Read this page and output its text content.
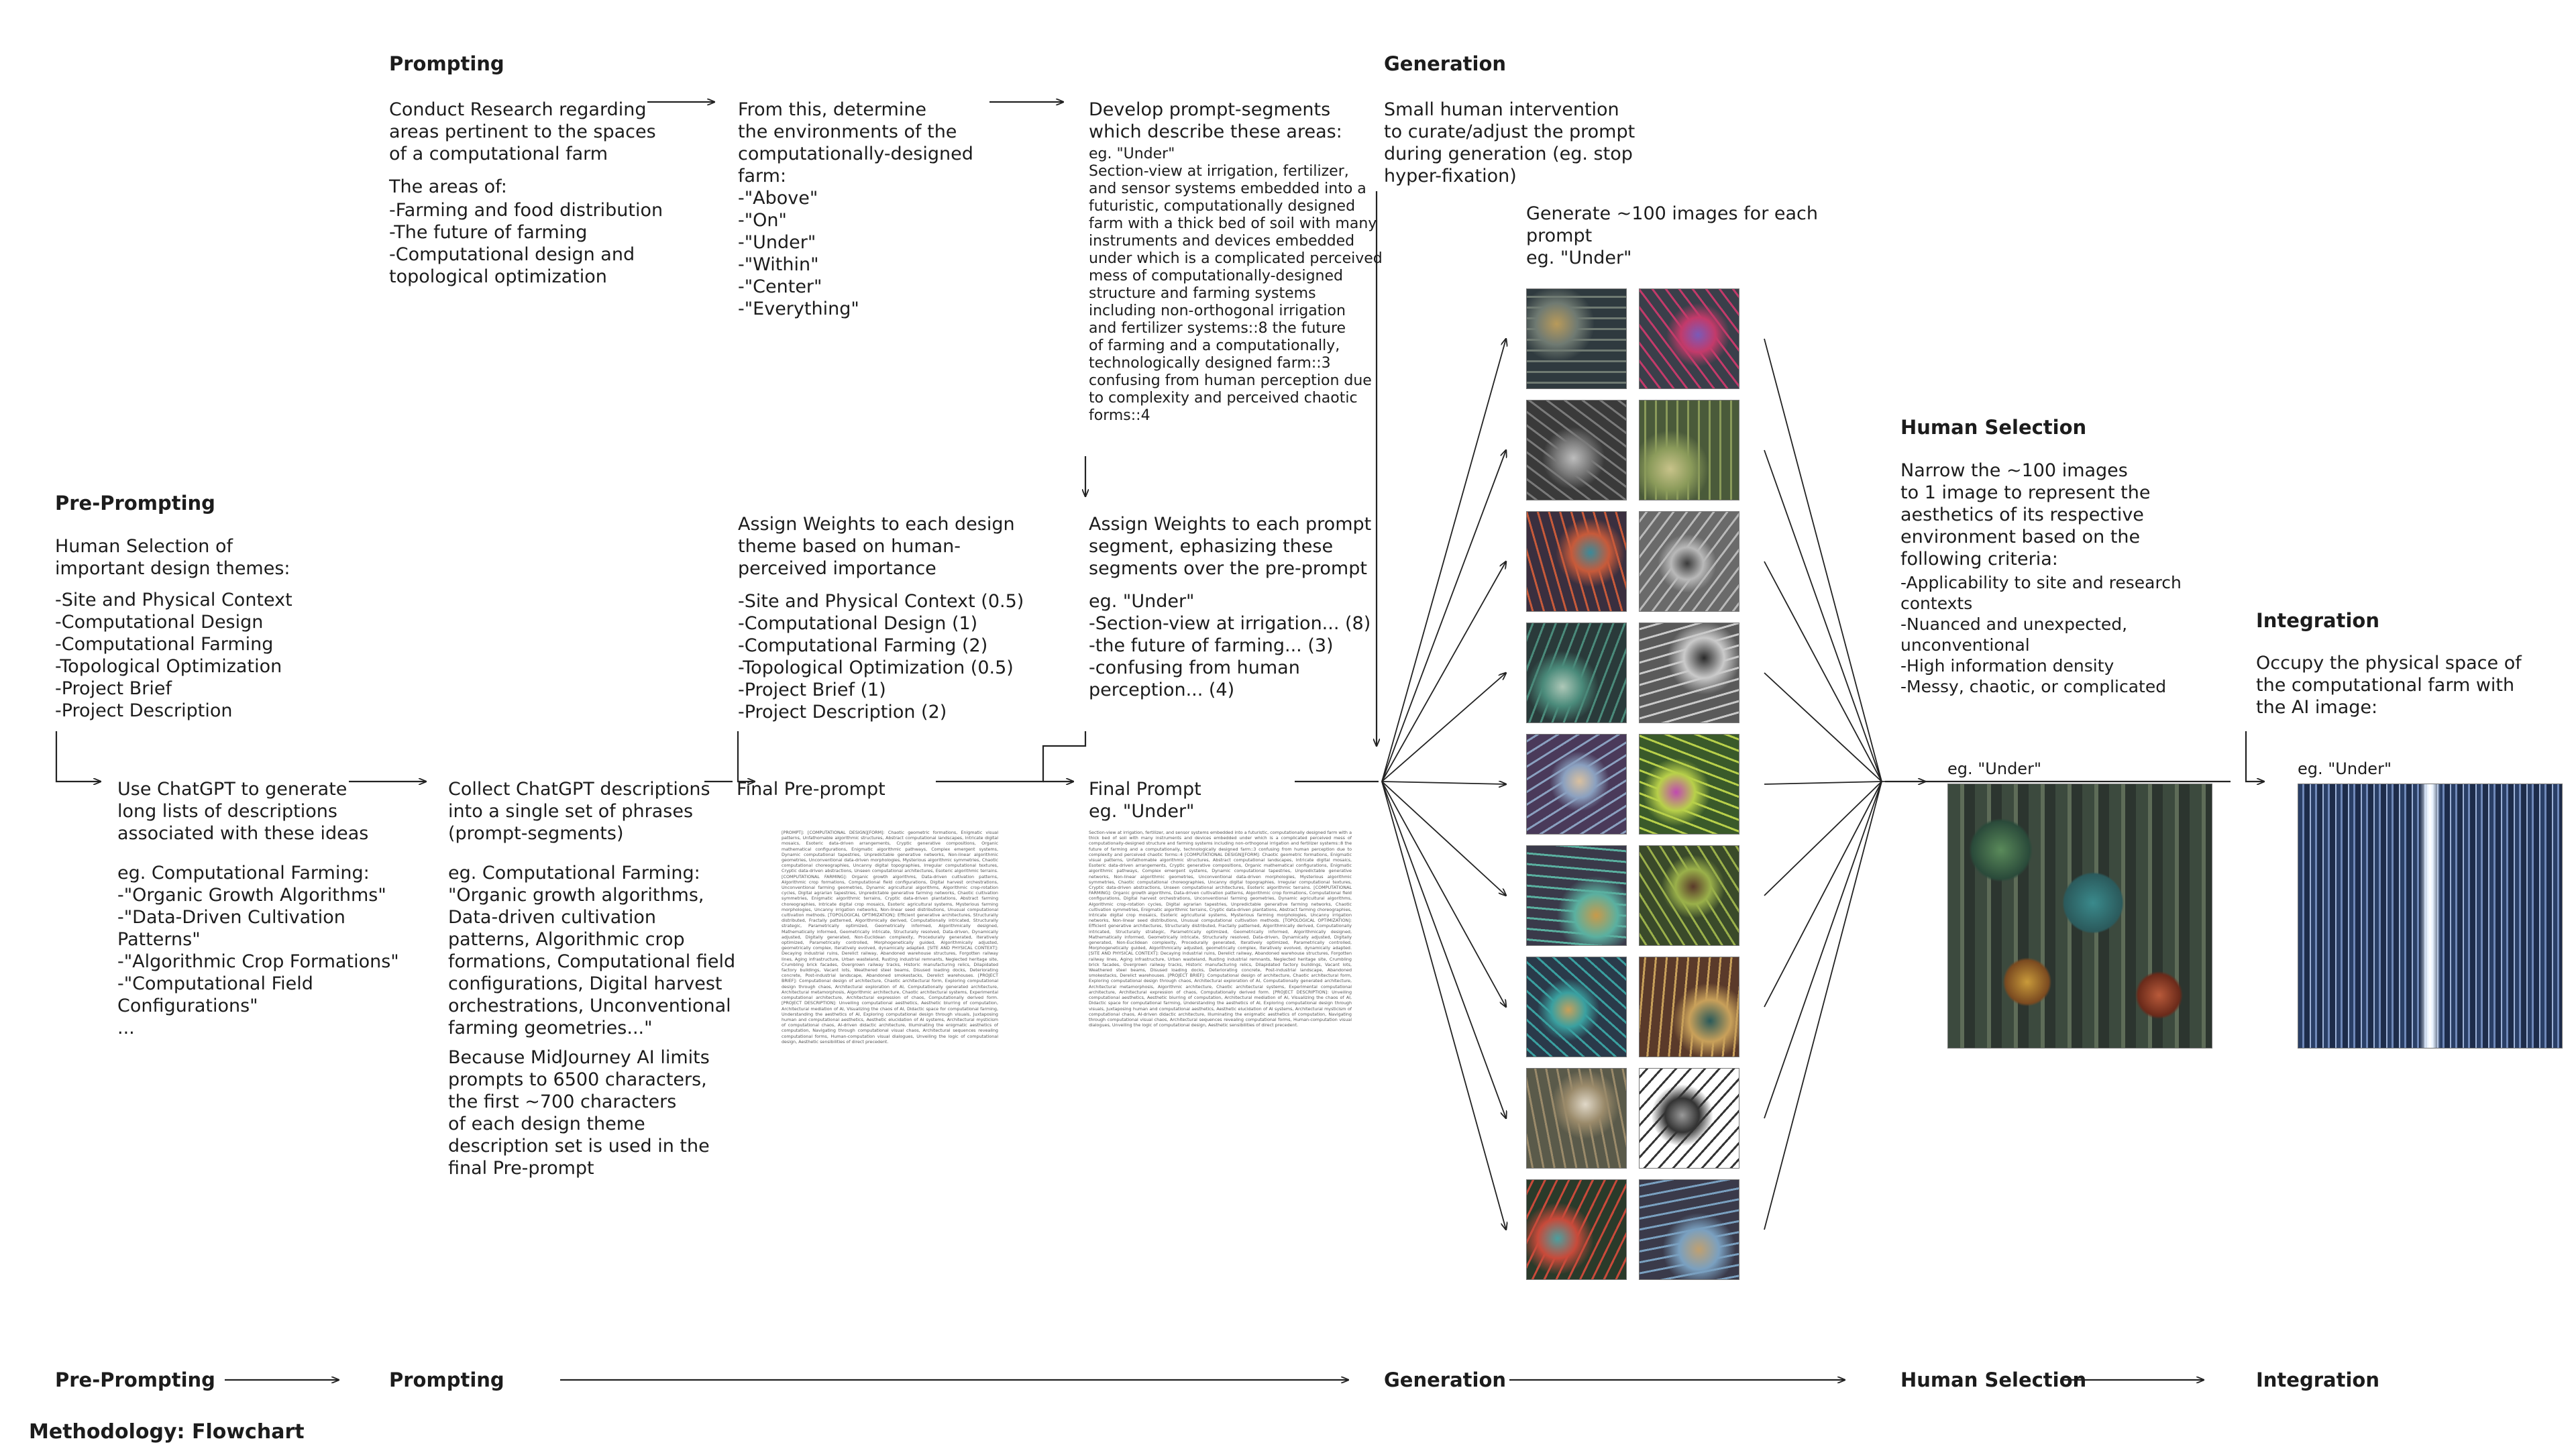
Pre-Prompting
Human Selection of
important design themes:
-Site and Physical Context
-Computational Design
-Computational Farming
-Topological Optimization
-Project Brief
-Project Description
Use ChatGPT to generate
long lists of descriptions
associated with these ideas
eg. Computational Farming:
-"Organic Growth Algorithms"
-"Data-Driven Cultivation
Patterns"
-"Algorithmic Crop Formations"
-"Computational Field
Configurations"
...
Collect ChatGPT descriptions
into a single set of phrases
(prompt-segments)
eg. Computational Farming:
"Organic growth algorithms,
Data-driven cultivation
patterns, Algorithmic crop
formations, Computational field
configurations, Digital harvest
orchestrations, Unconventional
farming geometries..."
Because MidJourney AI limits
prompts to 6500 characters,
the first ~700 characters
of each design theme
description set is used in the
final Pre-prompt
Prompting
Conduct Research regarding
areas pertinent to the spaces
of a computational farm
The areas of:
-Farming and food distribution
-The future of farming
-Computational design and
topological optimization
From this, determine
the environments of the
computationally-designed
farm:
-"Above"
-"On"
-"Under"
-"Within"
-"Center"
-"Everything"
Develop prompt-segments
which describe these areas:
eg. "Under"
Section-view at irrigation, fertilizer,
and sensor systems embedded into a
futuristic, computationally designed
farm with a thick bed of soil with many
instruments and devices embedded
under which is a complicated perceived
mess of computationally-designed
structure and farming systems
including non-orthogonal irrigation
and fertilizer systems::8 the future
of farming and a computationally,
technologically designed farm::3
confusing from human perception due
to complexity and perceived chaotic
forms::4
Assign Weights to each design
theme based on human-
perceived importance
-Site and Physical Context (0.5)
-Computational Design (1)
-Computational Farming (2)
-Topological Optimization (0.5)
-Project Brief (1)
-Project Description (2)
Assign Weights to each prompt
segment, ephasizing these
segments over the pre-prompt
eg. "Under"
-Section-view at irrigation... (8)
-the future of farming... (3)
-confusing from human
perception... (4)
Final Pre-prompt
[PROMPT]: [COMPUTATIONAL DESIGN][FORM]: Chaotic geometric formations, Enigmatic visual patterns, Unfathomable algorithmic structures, Abstract computational landscapes, Intricate digital mosaics, Esoteric data-driven arrangements, Cryptic generative compositions, Organic mathematical configurations, Enigmatic algorithmic pathways, Complex emergent systems, Dynamic computational tapestries, Unpredictable generative networks, Non-linear algorithmic geometries, Unconventional data-driven morphologies, Mysterious algorithmic symmetries, Chaotic computational choreographies, Uncanny digital topographies, Irregular computational textures, Cryptic data-driven abstractions, Unseen computational architectures, Esoteric algorithmic terrains. [COMPUTATIONAL FARMING]: Organic growth algorithms, Data-driven cultivation patterns, Algorithmic crop formations, Computational field configurations, Digital harvest orchestrations, Unconventional farming geometries, Dynamic agricultural algorithms, Algorithmic crop-rotation cycles, Digital agrarian tapestries, Unpredictable generative farming networks, Chaotic cultivation symmetries, Enigmatic algorithmic terrains, Cryptic data-driven plantations, Abstract farming choreographies, Intricate digital crop mosaics, Esoteric agricultural systems, Mysterious farming morphologies, Uncanny irrigation networks, Non-linear seed distributions, Unusual computational cultivation methods. [TOPOLOGICAL OPTIMIZATION]: Efficient generative architectures, Structurally distributed, Fractally patterned, Algorithmically derived, Computationally intricated, Structurally strategic, Parametrically optimized, Geometrically informed, Algorithmically designed, Mathematically informed, Geometrically intricate, Structurally resolved, Data-driven, Dynamically adjusted, Digitally generated, Non-Euclidean complexity, Procedurally generated, Iteratively optimized, Parametrically controlled, Morphogenetically guided, Algorithmically adjusted, geometrically complex, Iteratively evolved, dynamically adapted. [SITE AND PHYSICAL CONTEXT]: Decaying industrial ruins, Derelict railway, Abandoned warehouse structures, Forgotten railway lines, Aging infrastructure, Urban wasteland, Rusting industrial remnants, Neglected heritage site, Crumbling brick facades, Overgrown railway tracks, Historic manufacturing relics, Dilapidated factory buildings, Vacant lots, Weathered steel beams, Disused loading docks, Deteriorating concrete, Post-industrial landscape, Abandoned smokestacks, Derelict warehouses. [PROJECT BRIEF]: Computational design of architecture, Chaotic architectural form, Exploring computational design through chaos, Architectural exploration of AI, Computationally generated architecture, Architectural metamorphosis, Algorithmic architecture, Chaotic architectural systems, Experimental computational architecture, Architectural expression of chaos, Computationally derived form. [PROJECT DESCRIPTION]: Unveiling computational aesthetics, Aesthetic blurring of computation, Architectural mediation of AI, Visualizing the chaos of AI, Didactic space for computational farming, Understanding the aesthetics of AI, Exploring computational design through visuals, Juxtaposing human and computational aesthetics, Aesthetic elucidation of AI systems, Architectural mysticism of computational chaos, AI-driven didactic architecture, Illuminating the enigmatic aesthetics of computation, Navigating through computational visual chaos, Architectural sequences revealing computational forms, Human-computation visual dialogues, Unveiling the logic of computational design, Aesthetic sensibilities of direct precedent.
Final Prompt
eg. "Under"
Section-view at irrigation, fertilizer, and sensor systems embedded into a futuristic, computationally designed farm with a thick bed of soil with many instruments and devices embedded under which is a complicated perceived mess of computationally-designed structure and farming systems including non-orthogonal irrigation and fertilizer systems::8 the future of farming and a computationally, technologically designed farm::3 confusing from human perception due to complexity and perceived chaotic forms::4 [COMPUTATIONAL DESIGN][FORM]: Chaotic geometric formations, Enigmatic visual patterns, Unfathomable algorithmic structures, Abstract computational landscapes, Intricate digital mosaics, Esoteric data-driven arrangements, Cryptic generative compositions, Organic mathematical configurations, Enigmatic algorithmic pathways, Complex emergent systems, Dynamic computational tapestries, Unpredictable generative networks, Non-linear algorithmic geometries, Unconventional data-driven morphologies, Mysterious algorithmic symmetries, Chaotic computational choreographies, Uncanny digital topographies, Irregular computational textures, Cryptic data-driven abstractions, Unseen computational architectures, Esoteric algorithmic terrains. [COMPUTATIONAL FARMING]: Organic growth algorithms, Data-driven cultivation patterns, Algorithmic crop formations, Computational field configurations, Digital harvest orchestrations, Unconventional farming geometries, Dynamic agricultural algorithms, Algorithmic crop-rotation cycles, Digital agrarian tapestries, Unpredictable generative farming networks, Chaotic cultivation symmetries, Enigmatic algorithmic terrains, Cryptic data-driven plantations, Abstract farming choreographies, Intricate digital crop mosaics, Esoteric agricultural systems, Mysterious farming morphologies, Uncanny irrigation networks, Non-linear seed distributions, Unusual computational cultivation methods. [TOPOLOGICAL OPTIMIZATION]: Efficient generative architectures, Structurally distributed, Fractally patterned, Algorithmically derived, Computationally intricated, Structurally strategic, Parametrically optimized, Geometrically informed, Algorithmically designed, Mathematically informed, Geometrically intricate, Structurally resolved, Data-driven, Dynamically adjusted, Digitally generated, Non-Euclidean complexity, Procedurally generated, Iteratively optimized, Parametrically controlled, Morphogenetically guided, Algorithmically adjusted, geometrically complex, Iteratively evolved, dynamically adapted. [SITE AND PHYSICAL CONTEXT]: Decaying industrial ruins, Derelict railway, Abandoned warehouse structures, Forgotten railway lines, Aging infrastructure, Urban wasteland, Rusting industrial remnants, Neglected heritage site, Crumbling brick facades, Overgrown railway tracks, Historic manufacturing relics, Dilapidated factory buildings, Vacant lots, Weathered steel beams, Disused loading docks, Deteriorating concrete, Post-industrial landscape, Abandoned smokestacks, Derelict warehouses. [PROJECT BRIEF]: Computational design of architecture, Chaotic architectural form, Exploring computational design through chaos, Architectural exploration of AI, Computationally generated architecture, Architectural metamorphosis, Algorithmic architecture, Chaotic architectural systems, Experimental computational architecture, Architectural expression of chaos, Computationally derived form. [PROJECT DESCRIPTION]: Unveiling computational aesthetics, Aesthetic blurring of computation, Architectural mediation of AI, Visualizing the chaos of AI, Didactic space for computational farming, Understanding the aesthetics of AI, Exploring computational design through visuals, Juxtaposing human and computational aesthetics, Aesthetic elucidation of AI systems, Architectural mysticism of computational chaos, AI-driven didactic architecture, Illuminating the enigmatic aesthetics of computation, Navigating through computational visual chaos, Architectural sequences revealing computational forms, Human-computation visual dialogues, Unveiling the logic of computational design, Aesthetic sensibilities of direct precedent.
Generation
Small human intervention
to curate/adjust the prompt
during generation (eg. stop
hyper-fixation)
Generate ~100 images for each
prompt
eg. "Under"
Human Selection
Narrow the ~100 images
to 1 image to represent the
aesthetics of its respective
environment based on the
following criteria:
-Applicability to site and research
contexts
-Nuanced and unexpected,
unconventional
-High information density
-Messy, chaotic, or complicated
eg. "Under"
Integration
Occupy the physical space of
the computational farm with
the AI image:
eg. "Under"
Pre-Prompting	Prompting	Generation	Human Selection	Integration
Methodology: Flowchart
